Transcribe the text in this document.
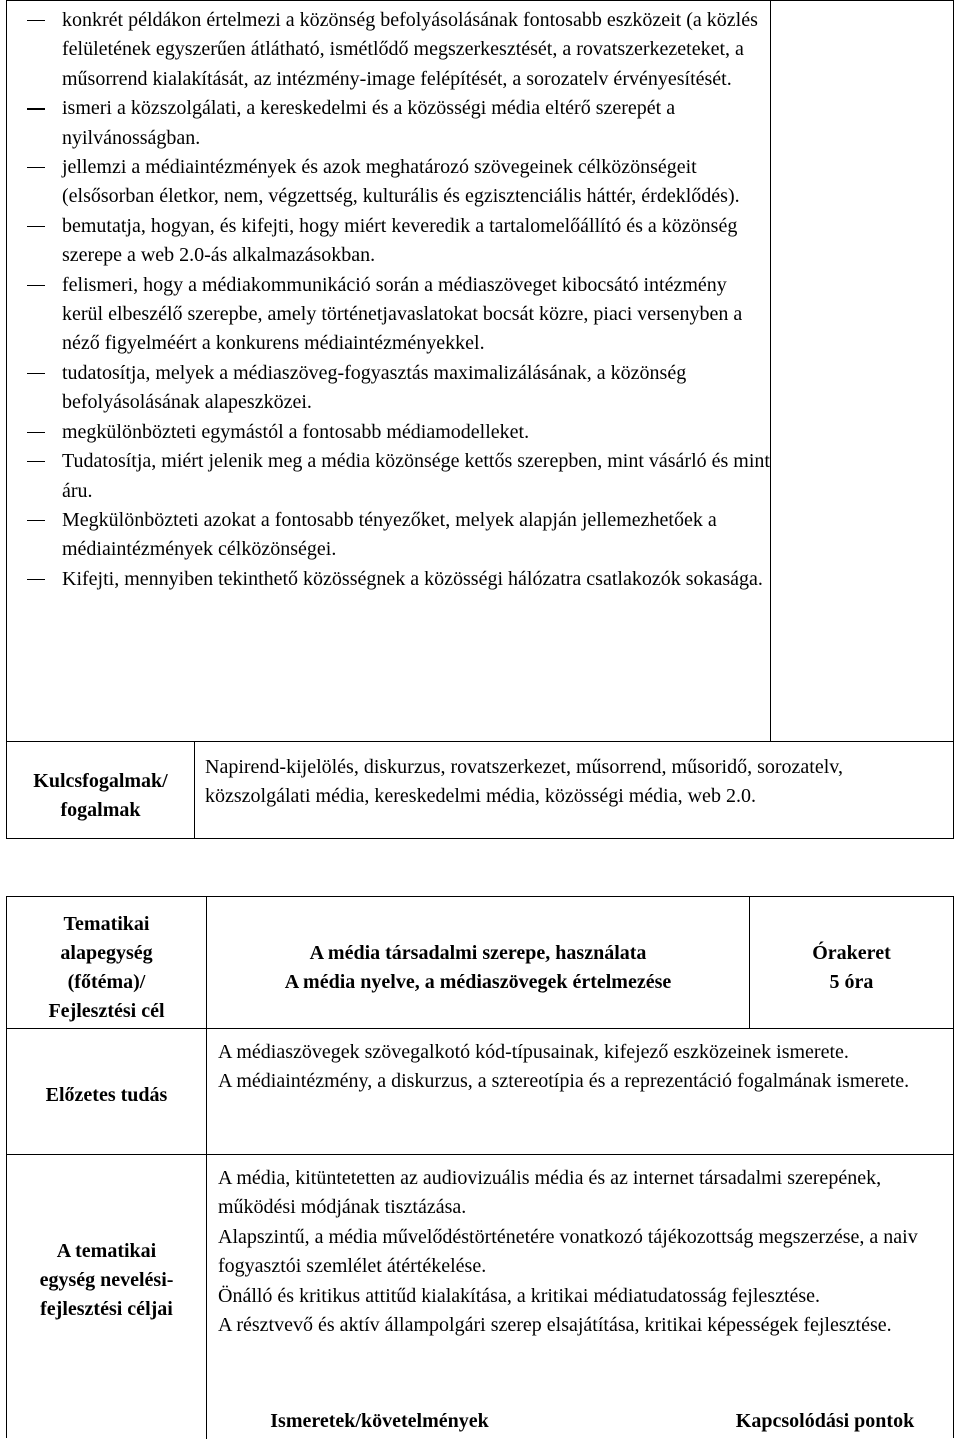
konkrét példákon értelmezi a közönség befolyásolásának fontosabb eszközeit (a közlés felületének egyszerűen átlátható, ismétlődő megszerkesztését, a rovatszerkezeteket, a műsorrend kialakítását, az intézmény-image felépítését, a sorozatelv érvényesítését.
ismeri a közszolgálati, a kereskedelmi és a közösségi média eltérő szerepét a nyilvánosságban.
jellemzi a médiaintézmények és azok meghatározó szövegeinek célközönségeit (elsősorban életkor, nem, végzettség, kulturális és egzisztenciális háttér, érdeklődés).
bemutatja, hogyan, és kifejti, hogy miért keveredik a tartalomelőállító és a közönség szerepe a web 2.0-ás alkalmazásokban.
felismeri, hogy a médiakommunikáció során a médiaszöveget kibocsátó intézmény kerül elbeszélő szerepbe, amely történetjavaslatokat bocsát közre, piaci versenyben a néző figyelméért a konkurens médiaintézményekkel.
tudatosítja, melyek a médiaszöveg-fogyasztás maximalizálásának, a közönség befolyásolásának alapeszközei.
megkülönbözteti egymástól a fontosabb médiamodelleket.
Tudatosítja, miért jelenik meg a média közönsége kettős szerepben, mint vásárló és mint áru.
Megkülönbözteti azokat a fontosabb tényezőket, melyek alapján jellemezhetőek a médiaintézmények célközönségei.
Kifejti, mennyiben tekinthető közösségnek a közösségi hálózatra csatlakozók sokasága.
Kulcsfogalmak/
fogalmak
Napirend-kijelölés, diskurzus, rovatszerkezet, műsorrend, műsoridő, sorozatelv, közszolgálati média, kereskedelmi média, közösségi média, web 2.0.
Tematikai
alapegység
(főtéma)/
Fejlesztési cél
A média társadalmi szerepe, használata
A média nyelve, a médiaszövegek értelmezése
Órakeret
5 óra
Előzetes tudás

A médiaszövegek szövegalkotó kód-típusainak, kifejező eszközeinek ismerete.

A médiaintézmény, a diskurzus, a sztereotípia és a reprezentáció fogalmának ismerete.

A tematikai
egység nevelési-
fejlesztési céljai

A média, kitüntetetten az audiovizuális média és az internet társadalmi szerepének, működési módjának tisztázása.

Alapszintű, a média művelődéstörténetére vonatkozó tájékozottság megszerzése, a naiv fogyasztói szemlélet átértékelése.

Önálló és kritikus attitűd kialakítása, a kritikai médiatudatosság fejlesztése.

A résztvevő és aktív állampolgári szerep elsajátítása, kritikai képességek fejlesztése.

Ismeretek/követelmények	Kapcsolódási pontok
